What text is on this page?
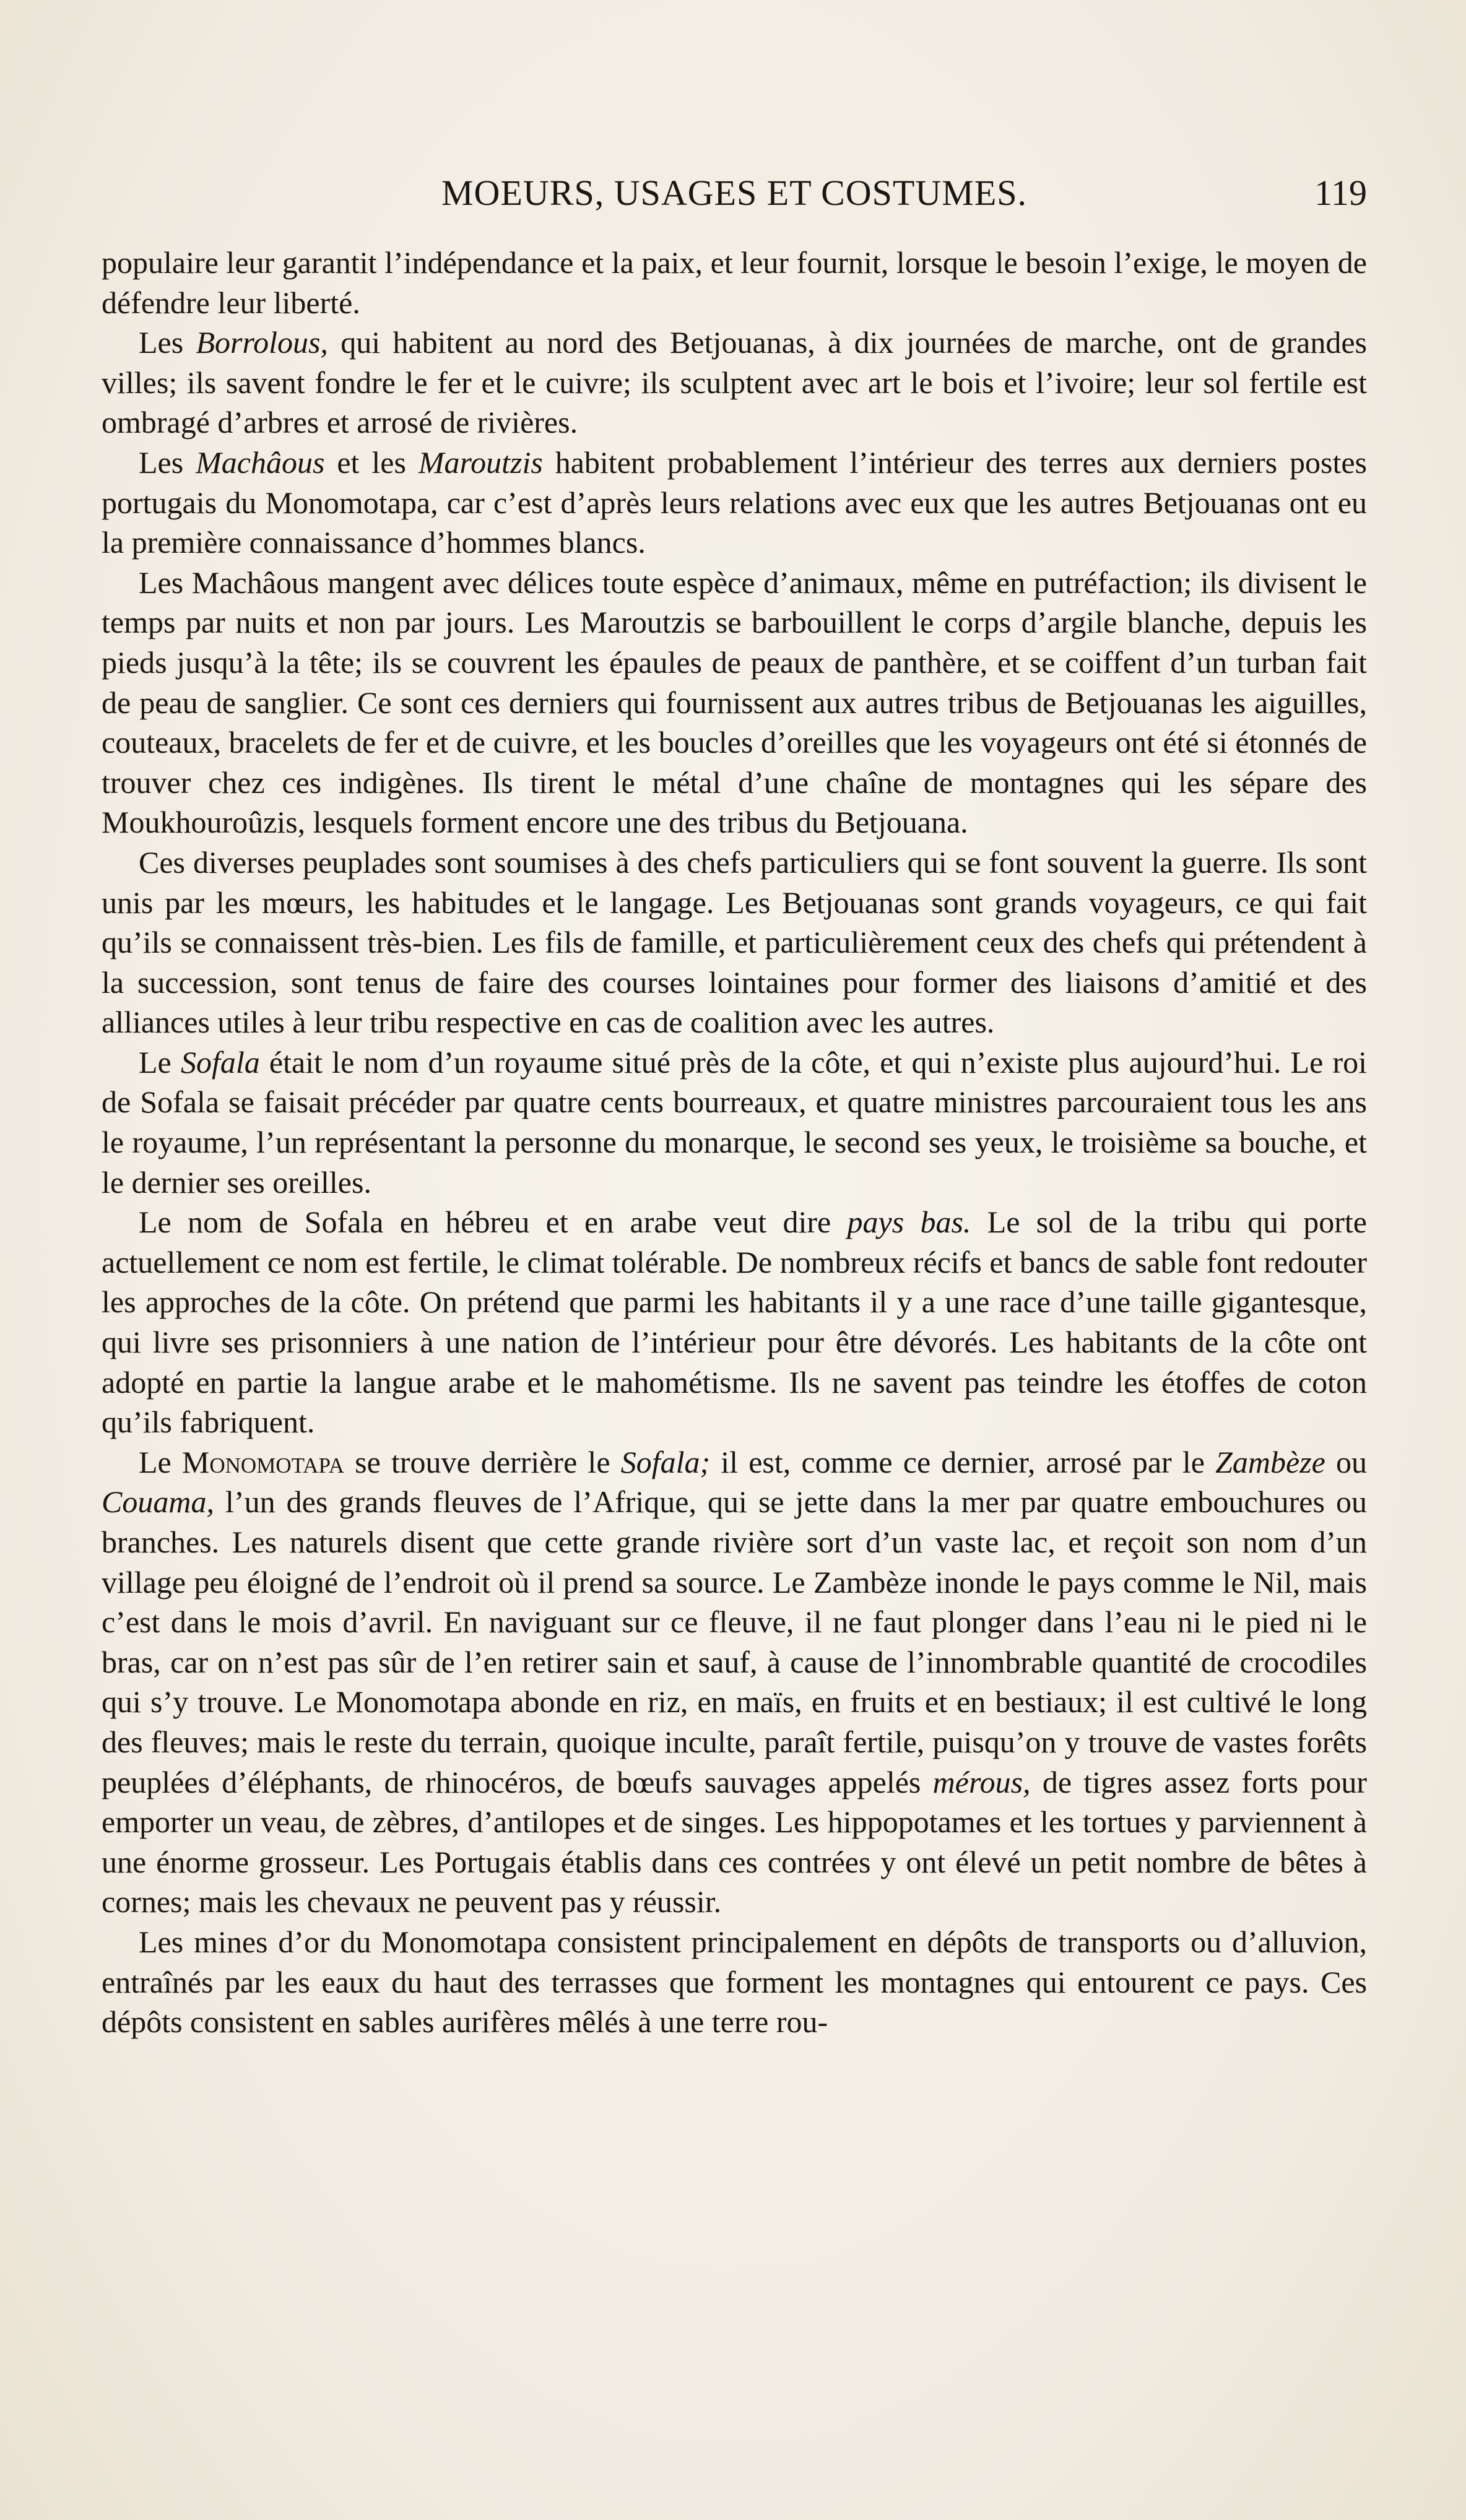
MOEURS, USAGES ET COSTUMES.	119

populaire leur garantit l’indépendance et la paix, et leur fournit, lorsque le besoin l’exige, le moyen de défendre leur liberté.

Les Borrolous, qui habitent au nord des Betjouanas, à dix journées de marche, ont de grandes villes; ils savent fondre le fer et le cuivre; ils sculptent avec art le bois et l’ivoire; leur sol fertile est ombragé d’arbres et arrosé de rivières.

Les Machâous et les Maroutzis habitent probablement l’intérieur des terres aux derniers postes portugais du Monomotapa, car c’est d’après leurs relations avec eux que les autres Betjouanas ont eu la première connaissance d’hommes blancs.

Les Machâous mangent avec délices toute espèce d’animaux, même en putréfaction; ils divisent le temps par nuits et non par jours. Les Maroutzis se barbouillent le corps d’argile blanche, depuis les pieds jusqu’à la tête; ils se couvrent les épaules de peaux de panthère, et se coiffent d’un turban fait de peau de sanglier. Ce sont ces derniers qui fournissent aux autres tribus de Betjouanas les aiguilles, couteaux, bracelets de fer et de cuivre, et les boucles d’oreilles que les voyageurs ont été si étonnés de trouver chez ces indigènes. Ils tirent le métal d’une chaîne de montagnes qui les sépare des Moukhouroûzis, lesquels forment encore une des tribus du Betjouana.

Ces diverses peuplades sont soumises à des chefs particuliers qui se font souvent la guerre. Ils sont unis par les mœurs, les habitudes et le langage. Les Betjouanas sont grands voyageurs, ce qui fait qu’ils se connaissent très-bien. Les fils de famille, et particulièrement ceux des chefs qui prétendent à la succession, sont tenus de faire des courses lointaines pour former des liaisons d’amitié et des alliances utiles à leur tribu respective en cas de coalition avec les autres.

Le Sofala était le nom d’un royaume situé près de la côte, et qui n’existe plus aujourd’hui. Le roi de Sofala se faisait précéder par quatre cents bourreaux, et quatre ministres parcouraient tous les ans le royaume, l’un représentant la personne du monarque, le second ses yeux, le troisième sa bouche, et le dernier ses oreilles.

Le nom de Sofala en hébreu et en arabe veut dire pays bas. Le sol de la tribu qui porte actuellement ce nom est fertile, le climat tolérable. De nombreux récifs et bancs de sable font redouter les approches de la côte. On prétend que parmi les habitants il y a une race d’une taille gigantesque, qui livre ses prisonniers à une nation de l’intérieur pour être dévorés. Les habitants de la côte ont adopté en partie la langue arabe et le mahométisme. Ils ne savent pas teindre les étoffes de coton qu’ils fabriquent.

Le Monomotapa se trouve derrière le Sofala; il est, comme ce dernier, arrosé par le Zambèze ou Couama, l’un des grands fleuves de l’Afrique, qui se jette dans la mer par quatre embouchures ou branches. Les naturels disent que cette grande rivière sort d’un vaste lac, et reçoit son nom d’un village peu éloigné de l’endroit où il prend sa source. Le Zambèze inonde le pays comme le Nil, mais c’est dans le mois d’avril. En naviguant sur ce fleuve, il ne faut plonger dans l’eau ni le pied ni le bras, car on n’est pas sûr de l’en retirer sain et sauf, à cause de l’innombrable quantité de crocodiles qui s’y trouve. Le Monomotapa abonde en riz, en maïs, en fruits et en bestiaux; il est cultivé le long des fleuves; mais le reste du terrain, quoique inculte, paraît fertile, puisqu’on y trouve de vastes forêts peuplées d’éléphants, de rhinocéros, de bœufs sauvages appelés mérous, de tigres assez forts pour emporter un veau, de zèbres, d’antilopes et de singes. Les hippopotames et les tortues y parviennent à une énorme grosseur. Les Portugais établis dans ces contrées y ont élevé un petit nombre de bêtes à cornes; mais les chevaux ne peuvent pas y réussir.

Les mines d’or du Monomotapa consistent principalement en dépôts de transports ou d’alluvion, entraînés par les eaux du haut des terrasses que forment les montagnes qui entourent ce pays. Ces dépôts consistent en sables aurifères mêlés à une terre rou-
